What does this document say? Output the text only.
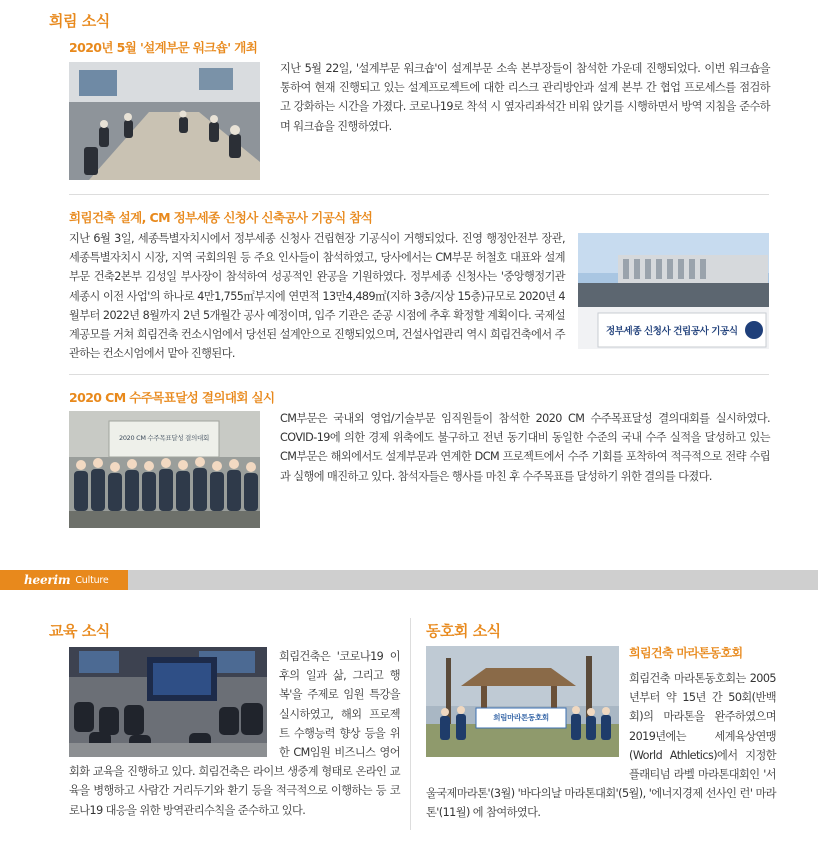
희림 소식
2020년 5월 '설계부문 워크숍' 개최
지난 5월 22일, '설계부문 워크숍'이 설계부문 소속 본부장들이 참석한 가운데 진행되었다. 이번 워크숍을 통하여 현재 진행되고 있는 설계프로젝트에 대한 리스크 관리방안과 설계 본부 간 협업 프로세스를 점검하고 강화하는 시간을 가졌다. 코로나19로 착석 시 옆자리좌석간 비워 앉기를 시행하면서 방역 지침을 준수하며 워크숍을 진행하였다.
희림건축 설계, CM 정부세종 신청사 신축공사 기공식 참석
지난 6월 3일, 세종특별자치시에서 정부세종 신청사 건립현장 기공식이 거행되었다. 진영 행정안전부 장관, 세종특별자치시 시장, 지역 국회의원 등 주요 인사들이 참석하였고, 당사에서는 CM부문 허철호 대표와 설계부문 건축2본부 김성일 부사장이 참석하여 성공적인 완공을 기원하였다. 정부세종 신청사는 '중앙행정기관 세종시 이전 사업'의 하나로 4만1,755㎡부지에 연면적 13만4,489㎡(지하 3층/지상 15층)규모로 2020년 4월부터 2022년 8월까지 2년 5개월간 공사 예정이며, 입주 기관은 준공 시점에 추후 확정할 계획이다. 국제설계공모를 거쳐 희림건축 컨소시엄에서 당선된 설계안으로 진행되었으며, 건설사업관리 역시 희림건축에서 주관하는 컨소시엄에서 맡아 진행된다.
정부세종 신청사 건립공사 기공식
2020 CM 수주목표달성 결의대회 실시
2020 CM 수주목표달성 결의대회
CM부문은 국내외 영업/기술부문 임직원들이 참석한 2020 CM 수주목표달성 결의대회를 실시하였다. COVID-19에 의한 경제 위축에도 불구하고 전년 동기대비 동일한 수준의 국내 수주 실적을 달성하고 있는 CM부문은 해외에서도 설계부문과 연계한 DCM 프로젝트에서 수주 기회를 포착하여 적극적으로 전략 수립과 실행에 매진하고 있다. 참석자들은 행사를 마친 후 수주목표를 달성하기 위한 결의를 다졌다.
heerim Culture
교육 소식
희림건축은 '코로나19 이후의 일과 삶, 그리고 행복'을 주제로 임원 특강을 실시하였고, 해외 프로젝트 수행능력 향상 등을 위한 CM임원 비즈니스 영어회화 교육을 진행하고 있다. 희림건축은 라이브 생중계 형태로 온라인 교육을 병행하고 사람간 거리두기와 환기 등을 적극적으로 이행하는 등 코로나19 대응을 위한 방역관리수칙을 준수하고 있다.
동호회 소식
희림마라톤동호회
희림건축 마라톤동호회
희림건축 마라톤동호회는 2005년부터 약 15년 간 50회(반백회)의 마라톤을 완주하였으며 2019년에는 세계육상연맹(World Athletics)에서 지정한 플래티넘 라벨 마라톤대회인 '서울국제마라톤'(3월) '바다의날 마라톤대회'(5월), '에너지경제 선사인 런' 마라톤'(11월) 에 참여하였다.
